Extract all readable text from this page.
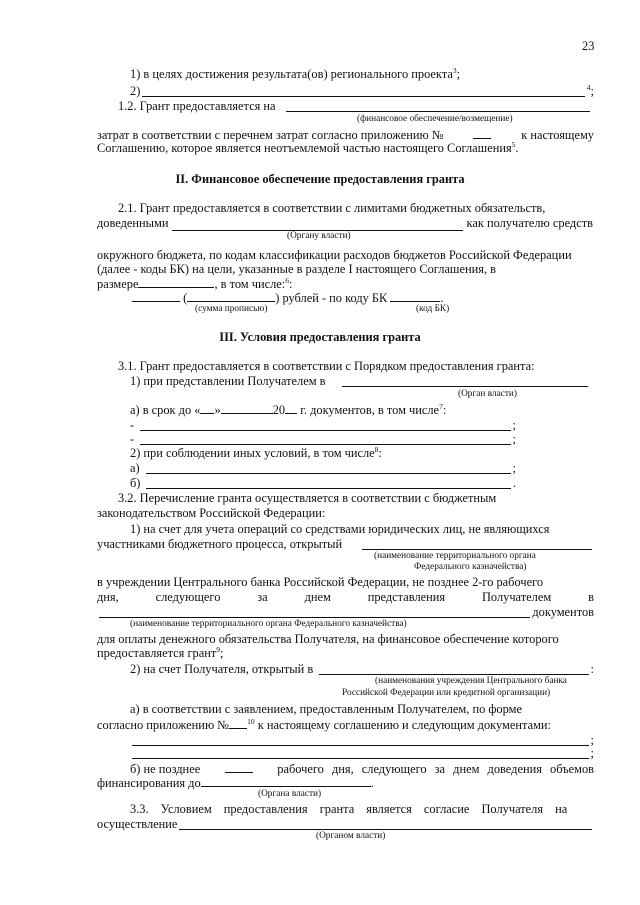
23
1) в целях достижения результата(ов) регионального проекта$^3$;
2)	$^4$;
1.2. Грант предоставляется на
(финансовое обеспечение/возмещение)
затрат в соответствии с перечнем затрат согласно приложению №	к настоящему
Соглашению, которое является неотъемлемой частью настоящего Соглашения$^5$.
II. Финансовое обеспечение предоставления гранта
2.1. Грант предоставляется в соответствии с лимитами бюджетных обязательств,
доведенными	как получателю средств
(Органу власти)
окружного бюджета, по кодам классификации расходов бюджетов Российской Федерации
(далее - коды БК) на цели, указанные в разделе I настоящего Соглашения, в
размере	, в том числе:$^6$:
(	) рублей - по коду БК	.
(сумма прописью)	(код БК)
III. Условия предоставления гранта
3.1. Грант предоставляется в соответствии с Порядком предоставления гранта:
1) при представлении Получателем в
(Орган власти)
а) в срок до « »	20 г. документов, в том числе$^7$:
-	;
-	;
2) при соблюдении иных условий, в том числе$^8$:
а)	;
б)	.
3.2. Перечисление гранта осуществляется в соответствии с бюджетным
законодательством Российской Федерации:
1) на счет для учета операций со средствами юридических лиц, не являющихся
участниками бюджетного процесса, открытый
(наименование территориального органа
Федерального казначейства)
в учреждении Центрального банка Российской Федерации, не позднее 2-го рабочего
дня,	следующего	за	днем	представления	Получателем	в
документов
(наименование территориального органа Федерального казначейства)
для оплаты денежного обязательства Получателя, на финансовое обеспечение которого
предоставляется грант$^9$;
2) на счет Получателя, открытый в	:
(наименования учреждения Центрального банка
Российской Федерации или кредитной организации)
а) в соответствии с заявлением, предоставленным Получателем, по форме
согласно приложению № $^{10}$ к настоящему соглашению и следующим документами:
;
;
б) не позднее	рабочего дня, следующего за днем доведения объемов
финансирования до	.
(Органа власти)
3.3. Условием предоставления гранта является согласие Получателя на
осуществление
(Органом власти)
